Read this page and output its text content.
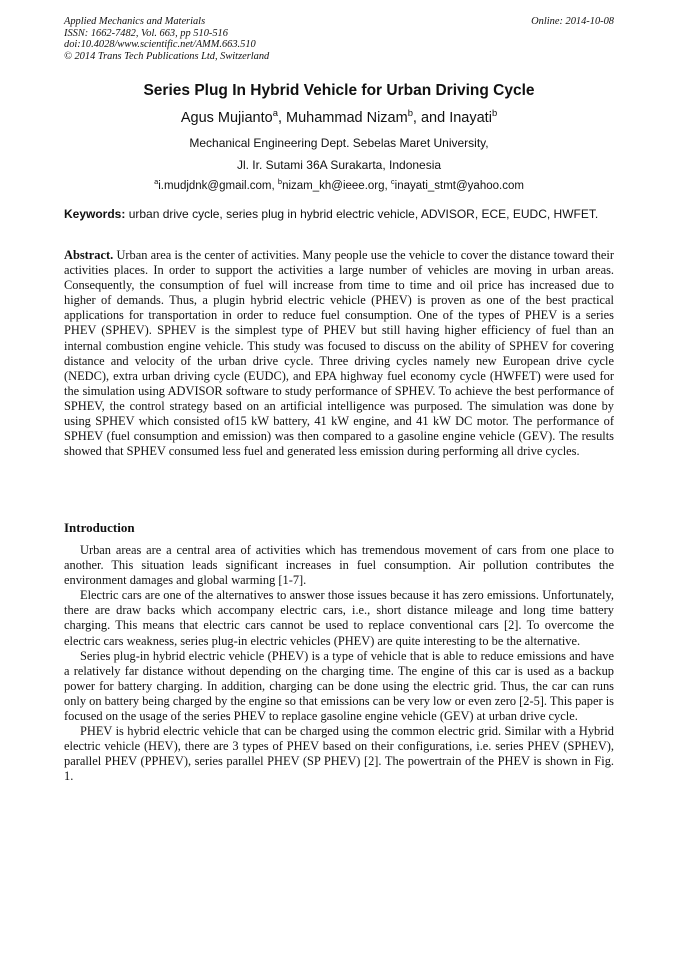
Applied Mechanics and Materials
ISSN: 1662-7482, Vol. 663, pp 510-516
doi:10.4028/www.scientific.net/AMM.663.510
© 2014 Trans Tech Publications Ltd, Switzerland
Online: 2014-10-08
Series Plug In Hybrid Vehicle for Urban Driving Cycle
Agus Mujianto$^a$, Muhammad Nizam$^b$, and Inayati$^b$
Mechanical Engineering Dept. Sebelas Maret University,
Jl. Ir. Sutami 36A Surakarta, Indonesia
$^a$i.mudjdnk@gmail.com, $^b$nizam_kh@ieee.org, $^c$inayati_stmt@yahoo.com
Keywords: urban drive cycle, series plug in hybrid electric vehicle, ADVISOR, ECE, EUDC, HWFET.
Abstract. Urban area is the center of activities. Many people use the vehicle to cover the distance toward their activities places. In order to support the activities a large number of vehicles are moving in urban areas. Consequently, the consumption of fuel will increase from time to time and oil price has increased due to higher of demands. Thus, a plugin hybrid electric vehicle (PHEV) is proven as one of the best practical applications for transportation in order to reduce fuel consumption. One of the types of PHEV is a series PHEV (SPHEV). SPHEV is the simplest type of PHEV but still having higher efficiency of fuel than an internal combustion engine vehicle. This study was focused to discuss on the ability of SPHEV for covering distance and velocity of the urban drive cycle. Three driving cycles namely new European drive cycle (NEDC), extra urban driving cycle (EUDC), and EPA highway fuel economy cycle (HWFET) were used for the simulation using ADVISOR software to study performance of SPHEV. To achieve the best performance of SPHEV, the control strategy based on an artificial intelligence was purposed. The simulation was done by using SPHEV which consisted of15 kW battery, 41 kW engine, and 41 kW DC motor. The performance of SPHEV (fuel consumption and emission) was then compared to a gasoline engine vehicle (GEV). The results showed that SPHEV consumed less fuel and generated less emission during performing all drive cycles.
Introduction

Urban areas are a central area of activities which has tremendous movement of cars from one place to another. This situation leads significant increases in fuel consumption. Air pollution contributes the environment damages and global warming [1-7].

Electric cars are one of the alternatives to answer those issues because it has zero emissions. Unfortunately, there are draw backs which accompany electric cars, i.e., short distance mileage and long time battery charging. This means that electric cars cannot be used to replace conventional cars [2]. To overcome the electric cars weakness, series plug-in electric vehicles (PHEV) are quite interesting to be the alternative.

Series plug-in hybrid electric vehicle (PHEV) is a type of vehicle that is able to reduce emissions and have a relatively far distance without depending on the charging time. The engine of this car is used as a backup power for battery charging. In addition, charging can be done using the electric grid. Thus, the car can runs only on battery being charged by the engine so that emissions can be very low or even zero [2-5]. This paper is focused on the usage of the series PHEV to replace gasoline engine vehicle (GEV) at urban drive cycle.

PHEV is hybrid electric vehicle that can be charged using the common electric grid. Similar with a Hybrid electric vehicle (HEV), there are 3 types of PHEV based on their configurations, i.e. series PHEV (SPHEV), parallel PHEV (PPHEV), series parallel PHEV (SP PHEV) [2]. The powertrain of the PHEV is shown in Fig. 1.
